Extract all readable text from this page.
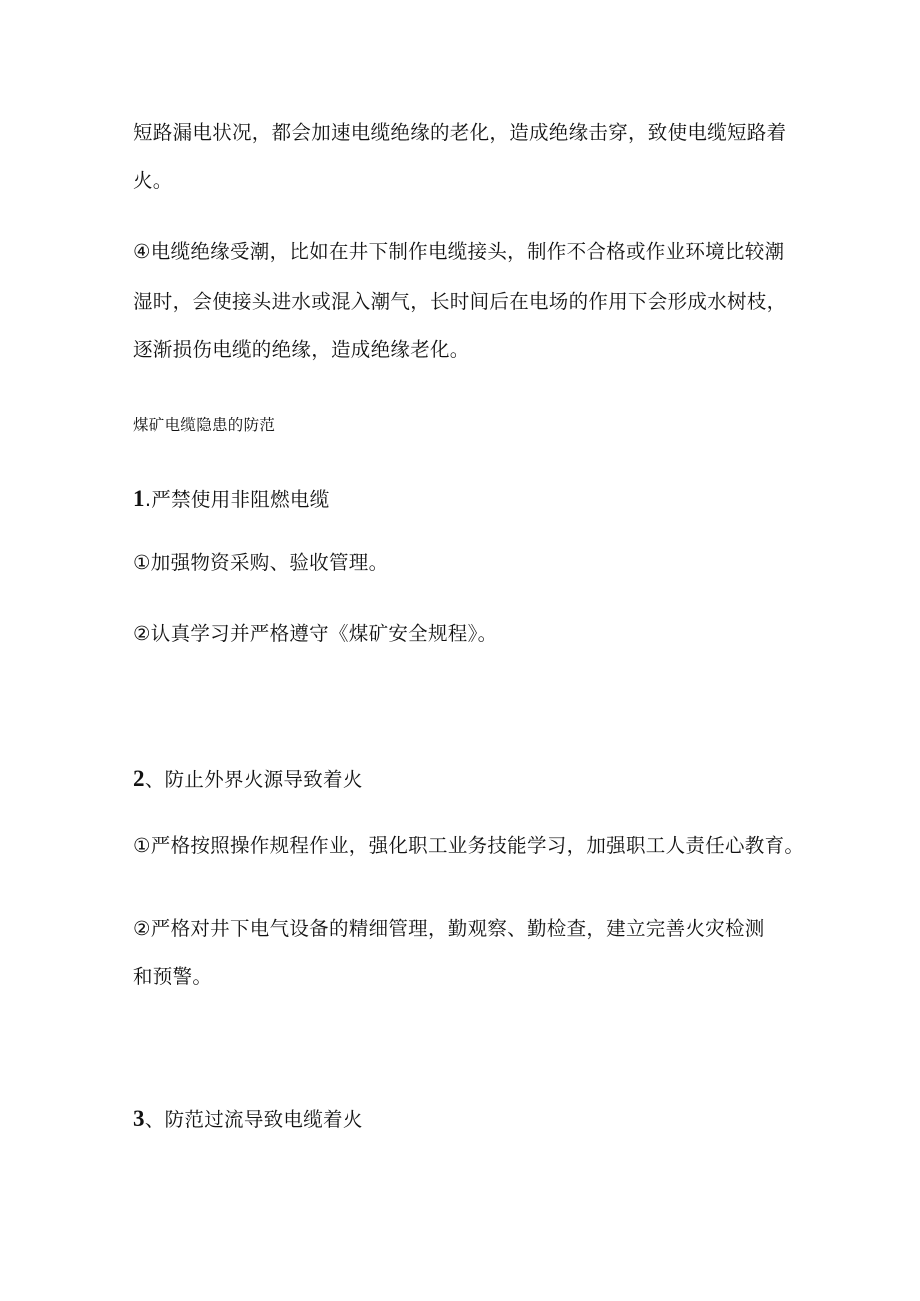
短路漏电状况，都会加速电缆绝缘的老化，造成绝缘击穿，致使电缆短路着
火。
④电缆绝缘受潮，比如在井下制作电缆接头，制作不合格或作业环境比较潮
湿时，会使接头进水或混入潮气，长时间后在电场的作用下会形成水树枝，
逐渐损伤电缆的绝缘，造成绝缘老化。
煤矿电缆隐患的防范
1.严禁使用非阻燃电缆
①加强物资采购、验收管理。
②认真学习并严格遵守《煤矿安全规程》。
2、防止外界火源导致着火
①严格按照操作规程作业，强化职工业务技能学习，加强职工人责任心教育。
②严格对井下电气设备的精细管理，勤观察、勤检查，建立完善火灾检测
和预警。
3、防范过流导致电缆着火
